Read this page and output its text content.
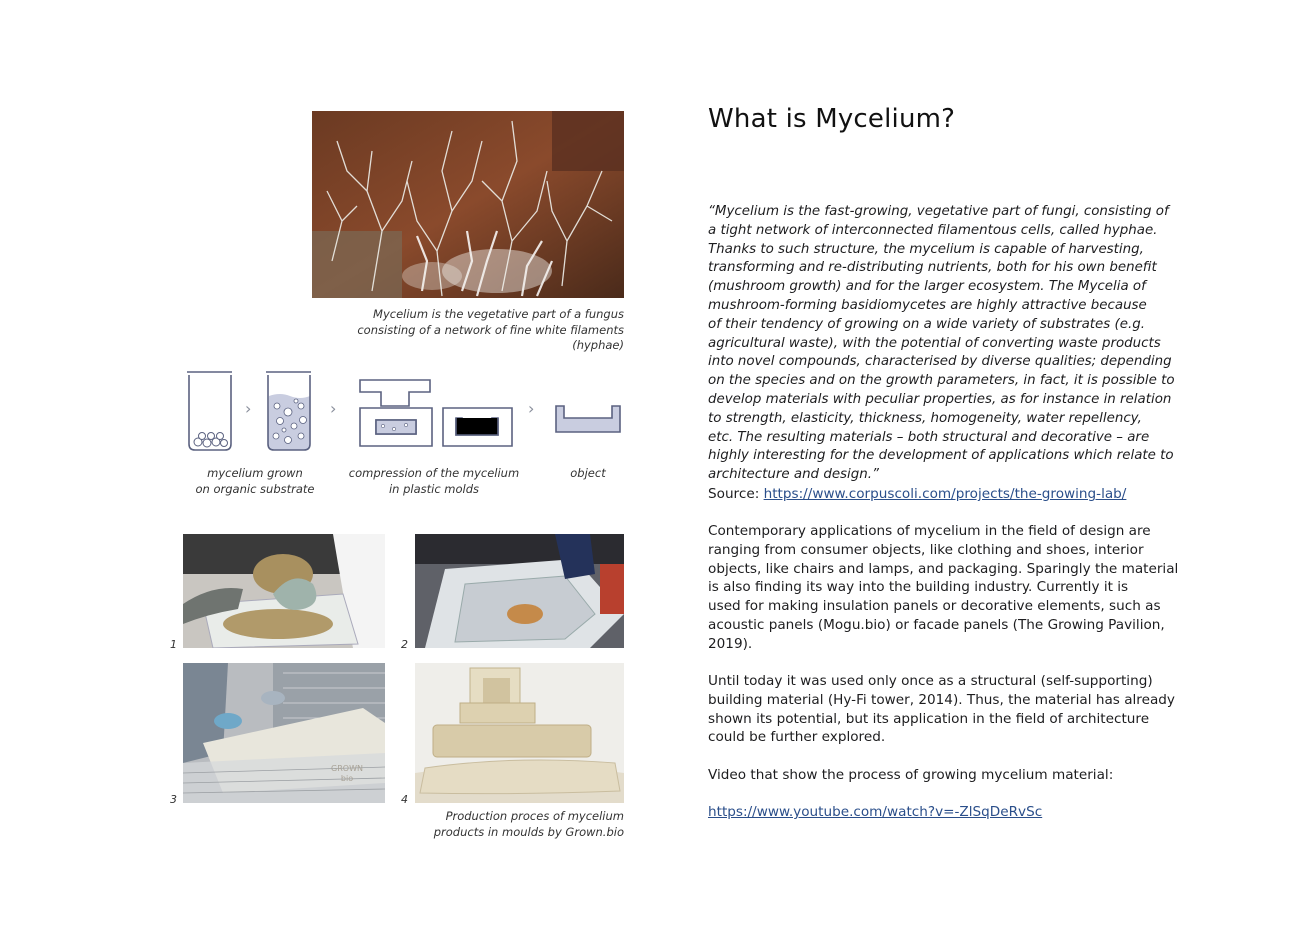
Mycelium is the vegetative part of a fungus
consisting of a network of fine white filaments (hyphae)
›	›	›
mycelium grown
on organic substrate
compression of the mycelium
in plastic molds
object
GROWN
bio
1	2
3	4
Production proces of mycelium
products in moulds by Grown.bio
What is Mycelium?
“Mycelium is the fast-growing, vegetative part of fungi, consisting of
a tight network of interconnected filamentous cells, called hyphae.
Thanks to such structure, the mycelium is capable of harvesting,
transforming and re-distributing nutrients, both for his own benefit
(mushroom growth) and for the larger ecosystem. The Mycelia of
mushroom-forming basidiomycetes are highly attractive because
of their tendency of growing on a wide variety of substrates (e.g.
agricultural waste), with the potential of converting waste products
into novel compounds, characterised by diverse qualities; depending
on the species and on the growth parameters, in fact, it is possible to
develop materials with peculiar properties, as for instance in relation
to strength, elasticity, thickness, homogeneity, water repellency,
etc. The resulting materials – both structural and decorative – are
highly interesting for the development of applications which relate to
architecture and design.”
Source: https://www.corpuscoli.com/projects/the-growing-lab/
Contemporary applications of mycelium in the field of design are
ranging from consumer objects, like clothing and shoes, interior
objects, like chairs and lamps, and packaging. Sparingly the material
is also finding its way into the building industry. Currently it is
used for making insulation panels or decorative elements, such as
acoustic panels (Mogu.bio) or facade panels (The Growing Pavilion,
2019).
Until today it was used only once as a structural (self-supporting)
building material (Hy-Fi tower, 2014). Thus, the material has already
shown its potential, but its application in the field of architecture
could be further explored.
Video that show the process of growing mycelium material:
https://www.youtube.com/watch?v=-ZlSqDeRvSc
